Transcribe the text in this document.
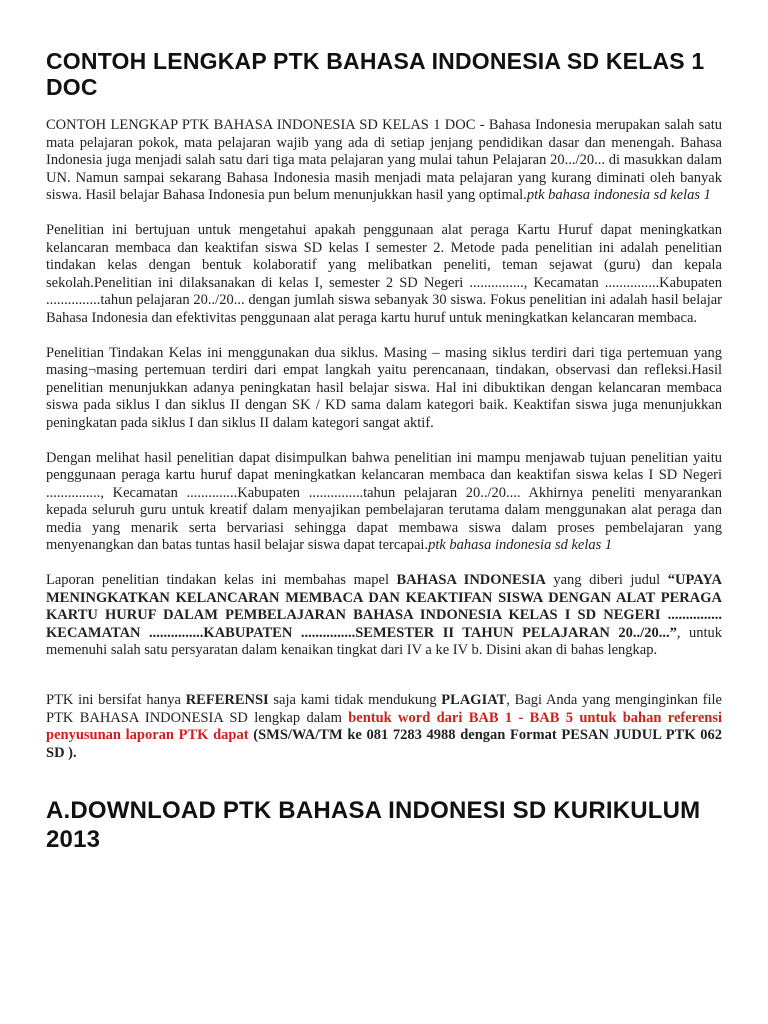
CONTOH LENGKAP PTK BAHASA INDONESIA SD KELAS 1 DOC

CONTOH LENGKAP PTK BAHASA INDONESIA SD KELAS 1 DOC - Bahasa Indonesia merupakan salah satu mata pelajaran pokok, mata pelajaran wajib yang ada di setiap jenjang pendidikan dasar dan menengah. Bahasa Indonesia juga menjadi salah satu dari tiga mata pelajaran yang mulai tahun Pelajaran 20.../20... di masukkan dalam UN. Namun sampai sekarang Bahasa Indonesia masih menjadi mata pelajaran yang kurang diminati oleh banyak siswa. Hasil belajar Bahasa Indonesia pun belum menunjukkan hasil yang optimal.ptk bahasa indonesia sd kelas 1

Penelitian ini bertujuan untuk mengetahui apakah penggunaan alat peraga Kartu Huruf dapat meningkatkan kelancaran membaca dan keaktifan siswa SD kelas I semester 2. Metode pada penelitian ini adalah penelitian tindakan kelas dengan bentuk kolaboratif yang melibatkan peneliti, teman sejawat (guru) dan kepala sekolah.Penelitian ini dilaksanakan di kelas I, semester 2 SD Negeri ..............., Kecamatan ...............Kabupaten ...............tahun pelajaran 20../20... dengan jumlah siswa sebanyak 30 siswa. Fokus penelitian ini adalah hasil belajar Bahasa Indonesia dan efektivitas penggunaan alat peraga kartu huruf untuk meningkatkan kelancaran membaca.

Penelitian Tindakan Kelas ini menggunakan dua siklus. Masing – masing siklus terdiri dari tiga pertemuan yang masing¬masing pertemuan terdiri dari empat langkah yaitu perencanaan, tindakan, observasi dan refleksi.Hasil penelitian menunjukkan adanya peningkatan hasil belajar siswa. Hal ini dibuktikan dengan kelancaran membaca siswa pada siklus I dan siklus II dengan SK / KD sama dalam kategori baik. Keaktifan siswa juga menunjukkan peningkatan pada siklus I dan siklus II dalam kategori sangat aktif.

Dengan melihat hasil penelitian dapat disimpulkan bahwa penelitian ini mampu menjawab tujuan penelitian yaitu penggunaan peraga kartu huruf dapat meningkatkan kelancaran membaca dan keaktifan siswa kelas I SD Negeri ..............., Kecamatan ..............Kabupaten ...............tahun pelajaran 20../20.... Akhirnya peneliti menyarankan kepada seluruh guru untuk kreatif dalam menyajikan pembelajaran terutama dalam menggunakan alat peraga dan media yang menarik serta bervariasi sehingga dapat membawa siswa dalam proses pembelajaran yang menyenangkan dan batas tuntas hasil belajar siswa dapat tercapai.ptk bahasa indonesia sd kelas 1

Laporan penelitian tindakan kelas ini membahas mapel BAHASA INDONESIA yang diberi judul “UPAYA MENINGKATKAN KELANCARAN MEMBACA DAN KEAKTIFAN SISWA DENGAN ALAT PERAGA KARTU HURUF DALAM PEMBELAJARAN BAHASA INDONESIA KELAS I SD NEGERI ............... KECAMATAN ...............KABUPATEN ...............SEMESTER II TAHUN PELAJARAN 20../20...”, untuk memenuhi salah satu persyaratan dalam kenaikan tingkat dari IV a ke IV b. Disini akan di bahas lengkap.

PTK ini bersifat hanya REFERENSI saja kami tidak mendukung PLAGIAT, Bagi Anda yang menginginkan file PTK BAHASA INDONESIA SD lengkap dalam bentuk word dari BAB 1 - BAB 5 untuk bahan referensi penyusunan laporan PTK dapat (SMS/WA/TM ke 081 7283 4988 dengan Format PESAN JUDUL PTK 062 SD ).

A.DOWNLOAD PTK BAHASA INDONESI SD KURIKULUM 2013
